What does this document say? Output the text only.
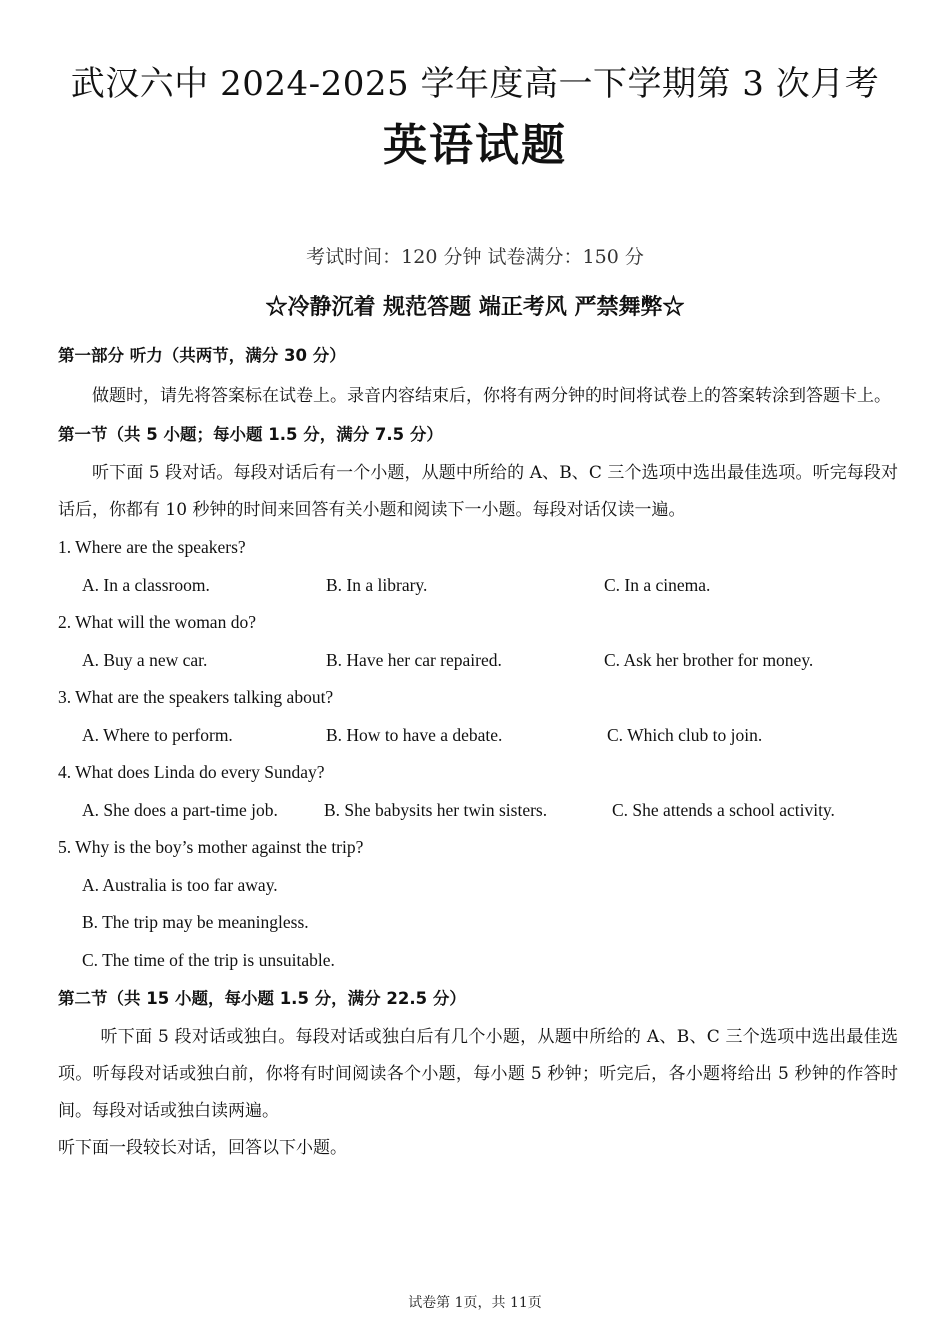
武汉六中 2024-2025 学年度高一下学期第 3 次月考
英语试题
考试时间：120 分钟 试卷满分：150 分
☆冷静沉着 规范答题 端正考风 严禁舞弊☆

第一部分 听力（共两节，满分 30 分）

做题时，请先将答案标在试卷上。录音内容结束后，你将有两分钟的时间将试卷上的答案转涂到答题卡上。

第一节（共 5 小题；每小题 1.5 分，满分 7.5 分）

听下面 5 段对话。每段对话后有一个小题，从题中所给的 A、B、C 三个选项中选出最佳选项。听完每段对话后，你都有 10 秒钟的时间来回答有关小题和阅读下一小题。每段对话仅读一遍。

1. Where are the speakers?

A. In a classroom.	B. In a library.	C. In a cinema.

2. What will the woman do?

A. Buy a new car.	B. Have her car repaired.	C. Ask her brother for money.

3. What are the speakers talking about?

A. Where to perform.	B. How to have a debate.	C. Which club to join.

4. What does Linda do every Sunday?

A. She does a part-time job.	B. She babysits her twin sisters.	C. She attends a school activity.

5. Why is the boy’s mother against the trip?

A. Australia is too far away.
B. The trip may be meaningless.
C. The time of the trip is unsuitable.

第二节（共 15 小题，每小题 1.5 分，满分 22.5 分）

听下面 5 段对话或独白。每段对话或独白后有几个小题，从题中所给的 A、B、C 三个选项中选出最佳选项。听每段对话或独白前，你将有时间阅读各个小题，每小题 5 秒钟；听完后，各小题将给出 5 秒钟的作答时间。每段对话或独白读两遍。

听下面一段较长对话，回答以下小题。

试卷第 1页，共 11页
